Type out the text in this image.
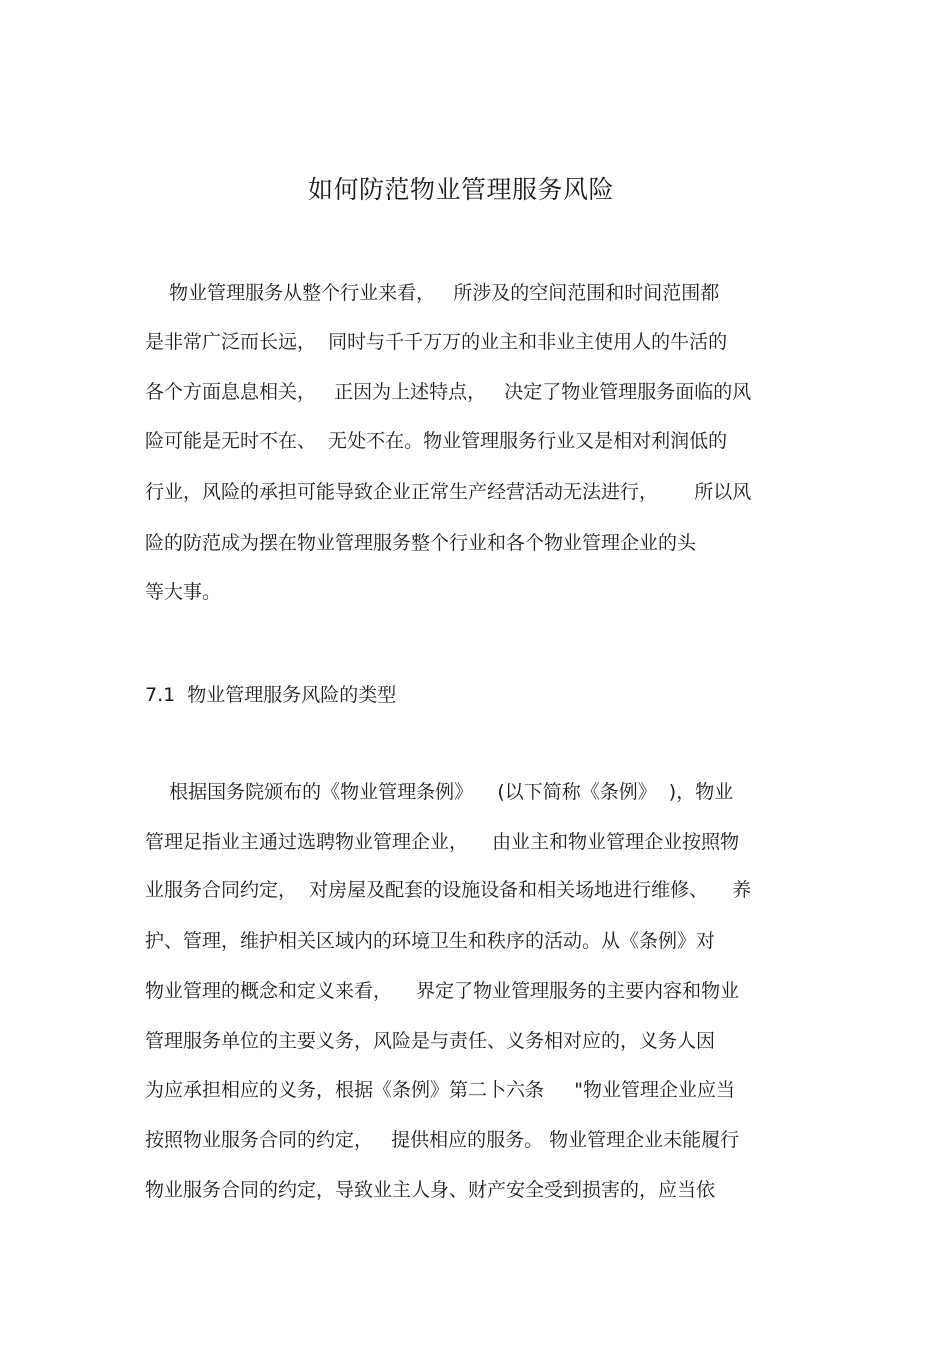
如何防范物业管理服务风险
物业管理服务从整个行业来看，   所涉及的空间范围和时间范围都
是非常广泛而长远，  同时与千千万万的业主和非业主使用人的牛活的
各个方面息息相关，   正因为上述特点，   决定了物业管理服务面临的风
险可能是无时不在、  无处不在。物业管理服务行业又是相对利润低的
行业，风险的承担可能导致企业正常生产经营活动无法进行，      所以风
险的防范成为摆在物业管理服务整个行业和各个物业管理企业的头
等大事。
7.1  物业管理服务风险的类型
根据国务院颁布的《物业管理条例》    (以下简称《条例》  )，物业
管理足指业主通过选聘物业管理企业，    由业主和物业管理企业按照物
业服务合同约定，  对房屋及配套的设施设备和相关场地进行维修、    养
护、管理，维护相关区域内的环境卫生和秩序的活动。从《条例》对
物业管理的概念和定义来看，    界定了物业管理服务的主要内容和物业
管理服务单位的主要义务，风险是与责任、义务相对应的，义务人因
为应承担相应的义务，根据《条例》第二卜六条     "物业管理企业应当
按照物业服务合同的约定，   提供相应的服务。 物业管理企业未能履行
物业服务合同的约定，导致业主人身、财产安全受到损害的，应当依
